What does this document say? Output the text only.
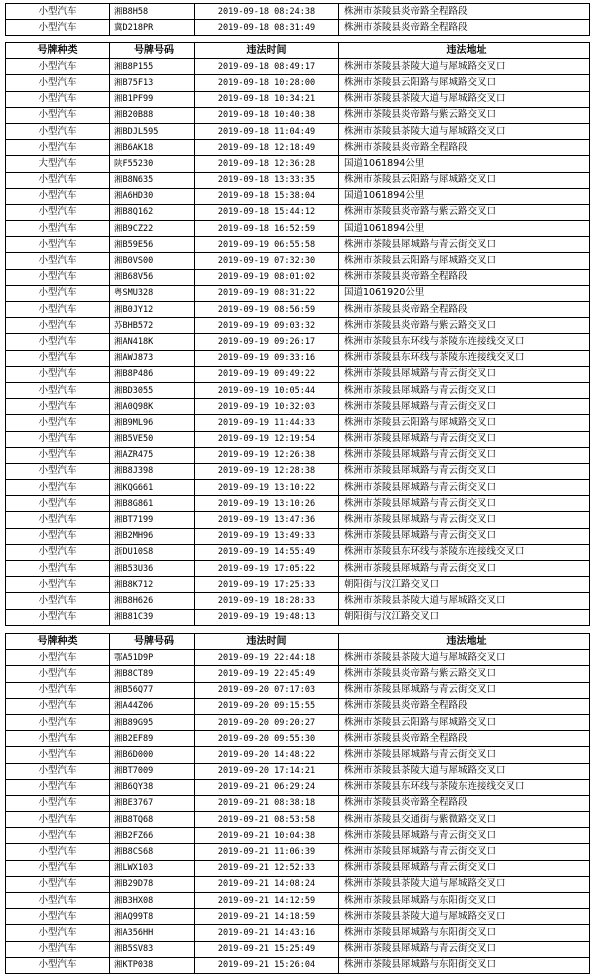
小型汽车	湘B8H58	2019-09-18 08:24:38	株洲市茶陵县炎帝路全程路段
小型汽车	冀D218PR	2019-09-18 08:31:49	株洲市茶陵县炎帝路全程路段
号牌种类	号牌号码	违法时间	违法地址
小型汽车	湘B8P155	2019-09-18 08:49:17	株洲市茶陵县茶陵大道与犀城路交叉口
小型汽车	湘B75F13	2019-09-18 10:28:00	株洲市茶陵县云阳路与犀城路交叉口
小型汽车	湘B1PF99	2019-09-18 10:34:21	株洲市茶陵县茶陵大道与犀城路交叉口
小型汽车	湘B20B88	2019-09-18 10:40:38	株洲市茶陵县炎帝路与紫云路交叉口
小型汽车	湘BDJL595	2019-09-18 11:04:49	株洲市茶陵县茶陵大道与犀城路交叉口
小型汽车	湘B6AK18	2019-09-18 12:18:49	株洲市茶陵县炎帝路全程路段
大型汽车	陕F55230	2019-09-18 12:36:28	国道1061894公里
小型汽车	湘B8N635	2019-09-18 13:33:35	株洲市茶陵县云阳路与犀城路交叉口
小型汽车	湘A6HD30	2019-09-18 15:38:04	国道1061894公里
小型汽车	湘B8Q162	2019-09-18 15:44:12	株洲市茶陵县炎帝路与紫云路交叉口
小型汽车	湘B9CZ22	2019-09-18 16:52:59	国道1061894公里
小型汽车	湘B59E56	2019-09-19 06:55:58	株洲市茶陵县犀城路与青云街交叉口
小型汽车	湘B0VS00	2019-09-19 07:32:30	株洲市茶陵县云阳路与犀城路交叉口
小型汽车	湘B68V56	2019-09-19 08:01:02	株洲市茶陵县炎帝路全程路段
小型汽车	粤SMU328	2019-09-19 08:31:22	国道1061920公里
小型汽车	湘B0JY12	2019-09-19 08:56:59	株洲市茶陵县炎帝路全程路段
小型汽车	苏BHB572	2019-09-19 09:03:32	株洲市茶陵县炎帝路与紫云路交叉口
小型汽车	湘AN418K	2019-09-19 09:26:17	株洲市茶陵县东环线与茶陵东连接线交叉口
小型汽车	湘AWJ873	2019-09-19 09:33:16	株洲市茶陵县东环线与茶陵东连接线交叉口
小型汽车	湘B8P486	2019-09-19 09:49:22	株洲市茶陵县犀城路与青云街交叉口
小型汽车	湘BD3055	2019-09-19 10:05:44	株洲市茶陵县犀城路与青云街交叉口
小型汽车	湘A0Q98K	2019-09-19 10:32:03	株洲市茶陵县犀城路与青云街交叉口
小型汽车	湘B9ML96	2019-09-19 11:44:33	株洲市茶陵县云阳路与犀城路交叉口
小型汽车	湘B5VE50	2019-09-19 12:19:54	株洲市茶陵县犀城路与青云街交叉口
小型汽车	湘AZR475	2019-09-19 12:26:38	株洲市茶陵县犀城路与青云街交叉口
小型汽车	湘B8J398	2019-09-19 12:28:38	株洲市茶陵县犀城路与青云街交叉口
小型汽车	湘KQG661	2019-09-19 13:10:22	株洲市茶陵县犀城路与青云街交叉口
小型汽车	湘B8G861	2019-09-19 13:10:26	株洲市茶陵县犀城路与青云街交叉口
小型汽车	湘BT7199	2019-09-19 13:47:36	株洲市茶陵县犀城路与青云街交叉口
小型汽车	湘B2MH96	2019-09-19 13:49:33	株洲市茶陵县犀城路与青云街交叉口
小型汽车	浙DU10S8	2019-09-19 14:55:49	株洲市茶陵县东环线与茶陵东连接线交叉口
小型汽车	湘B53U36	2019-09-19 17:05:22	株洲市茶陵县犀城路与青云街交叉口
小型汽车	湘B8K712	2019-09-19 17:25:33	朝阳街与汶江路交叉口
小型汽车	湘B8H626	2019-09-19 18:28:33	株洲市茶陵县茶陵大道与犀城路交叉口
小型汽车	湘B81C39	2019-09-19 19:48:13	朝阳街与汶江路交叉口
号牌种类	号牌号码	违法时间	违法地址
小型汽车	鄂A51D9P	2019-09-19 22:44:18	株洲市茶陵县茶陵大道与犀城路交叉口
小型汽车	湘B8CT89	2019-09-19 22:45:49	株洲市茶陵县炎帝路与紫云路交叉口
小型汽车	湘B56Q77	2019-09-20 07:17:03	株洲市茶陵县犀城路与青云街交叉口
小型汽车	湘A44Z06	2019-09-20 09:15:55	株洲市茶陵县炎帝路全程路段
小型汽车	湘B89G95	2019-09-20 09:20:27	株洲市茶陵县云阳路与犀城路交叉口
小型汽车	湘B2EF89	2019-09-20 09:55:30	株洲市茶陵县炎帝路全程路段
小型汽车	湘B6D000	2019-09-20 14:48:22	株洲市茶陵县犀城路与青云街交叉口
小型汽车	湘BT7009	2019-09-20 17:14:21	株洲市茶陵县茶陵大道与犀城路交叉口
小型汽车	湘B6QY38	2019-09-21 06:29:24	株洲市茶陵县东环线与茶陵东连接线交叉口
小型汽车	湘BE3767	2019-09-21 08:38:18	株洲市茶陵县炎帝路全程路段
小型汽车	湘B8TQ68	2019-09-21 08:53:58	株洲市茶陵县交通街与紫微路交叉口
小型汽车	湘B2FZ66	2019-09-21 10:04:38	株洲市茶陵县犀城路与青云街交叉口
小型汽车	湘B8CS68	2019-09-21 11:06:39	株洲市茶陵县犀城路与青云街交叉口
小型汽车	湘LWX103	2019-09-21 12:52:33	株洲市茶陵县犀城路与青云街交叉口
小型汽车	湘B29D78	2019-09-21 14:08:24	株洲市茶陵县茶陵大道与犀城路交叉口
小型汽车	湘B3HX08	2019-09-21 14:12:59	株洲市茶陵县犀城路与东阳街交叉口
小型汽车	湘AQ99T8	2019-09-21 14:18:59	株洲市茶陵县茶陵大道与犀城路交叉口
小型汽车	湘A356HH	2019-09-21 14:43:16	株洲市茶陵县犀城路与东阳街交叉口
小型汽车	湘B5SV83	2019-09-21 15:25:49	株洲市茶陵县犀城路与青云街交叉口
小型汽车	湘KTP038	2019-09-21 15:26:04	株洲市茶陵县犀城路与东阳街交叉口
